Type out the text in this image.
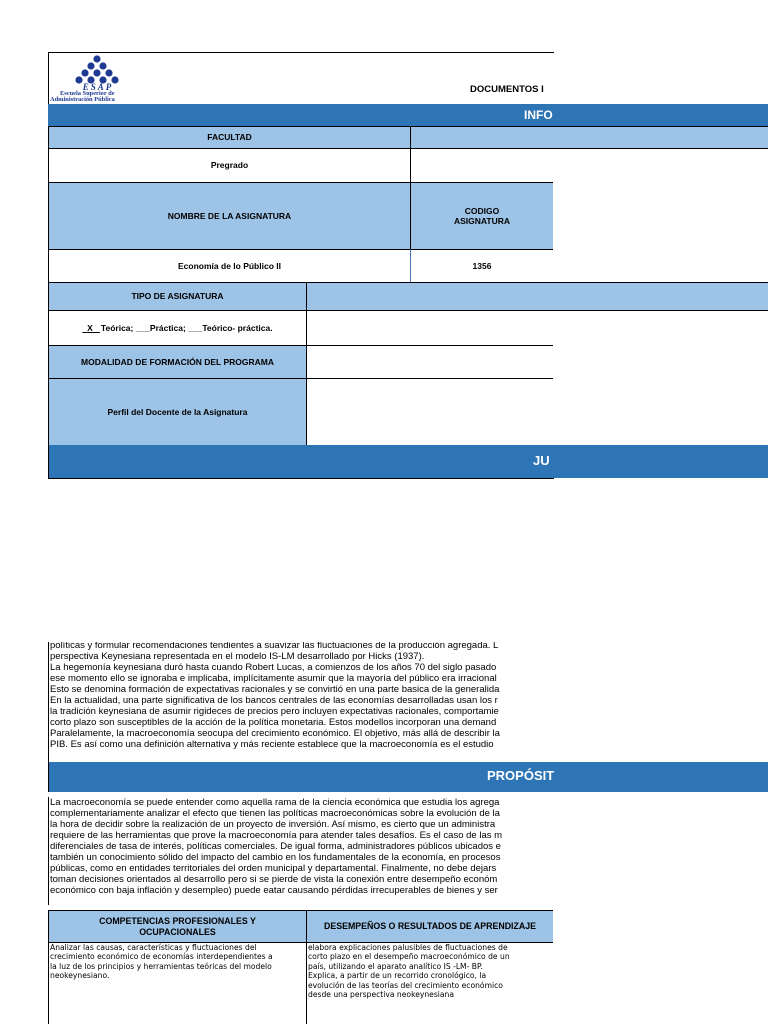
ESAP
Escuela Superior de
Administración Pública
DOCUMENTOS I
INFO
FACULTAD
Pregrado
NOMBRE DE LA ASIGNATURA
CODIGO ASIGNATURA
Economía de lo Público II	1356
TIPO DE ASIGNATURA
X Teórica; ___Práctica; ___Teórico- práctica.
MODALIDAD DE FORMACIÓN DEL PROGRAMA
Perfil del Docente de la Asignatura
JU
políticas y formular recomendaciones tendientes a suavizar las fluctuaciones de la producción agregada. L
perspectiva Keynesiana representada en el modelo IS-LM desarrollado por Hicks (1937).
La hegemonía keynesiana duró hasta cuando Robert Lucas, a comienzos de los años 70 del siglo pasado
ese momento ello se ignoraba e implicaba, implícitamente asumir que la mayoría del público era irracional
Esto se denomina formación de expectativas racionales y se convirtió en una parte basica de la generalida
En la actualidad, una parte significativa de los bancos centrales de las economías desarrolladas usan los r
la tradición keynesiana de asumir rigideces de precios pero incluyen expectativas racionales, comportamie
corto plazo son susceptibles de la acción de la política monetaria. Estos modellos incorporan una demand
Paralelamente, la macroeconomía seocupa del crecimiento económico. El objetivo, más allá de describir la
PIB. Es así como una definición alternativa y más reciente establece que la macroeconomía es el estudio
PROPÓSIT
La macroeconomía se puede entender como aquella rama de la ciencia económica que estudia los agrega
complementariamente analizar el efecto que tienen las políticas macroeconómicas sobre la evolución de la
la hora de decidir sobre la realización de un proyecto de inversión. Así mismo, es cierto que un administra
requiere de las herramientas que prove la macroeconomía para atender tales desafíos. Es el caso de las m
diferenciales de tasa de interés, políticas comerciales. De igual forma, administradores públicos ubicados e
también un conocimiento sólido del impacto del cambio en los fundamentales de la economía, en procesos
públicas, como en entidades territoriales del orden municipal y departamental. Finalmente, no debe dejars
toman decisiones orientados al desarrollo pero si se pierde de vista la conexión entre desempeño económ
económico con baja inflación y desempleo) puede eatar causando pérdidas irrecuperables de bienes y ser
COMPETENCIAS PROFESIONALES Y OCUPACIONALES
DESEMPEÑOS O RESULTADOS DE APRENDIZAJE
Analizar las causas, características y fluctuaciones del
crecimiento económico de economías interdependientes a
la luz de los principios y herramientas teóricas del modelo
neokeynesiano.
elabora explicaciones palusibles de fluctuaciones de
corto plazo en el desempeño macroeconómico de un
país, utilizando el aparato analítico IS -LM- BP.
Explica, a partir de un recorrido cronológico, la
evolución de las teorías del crecimiento económico
desde una perspectiva neokeynesiana
